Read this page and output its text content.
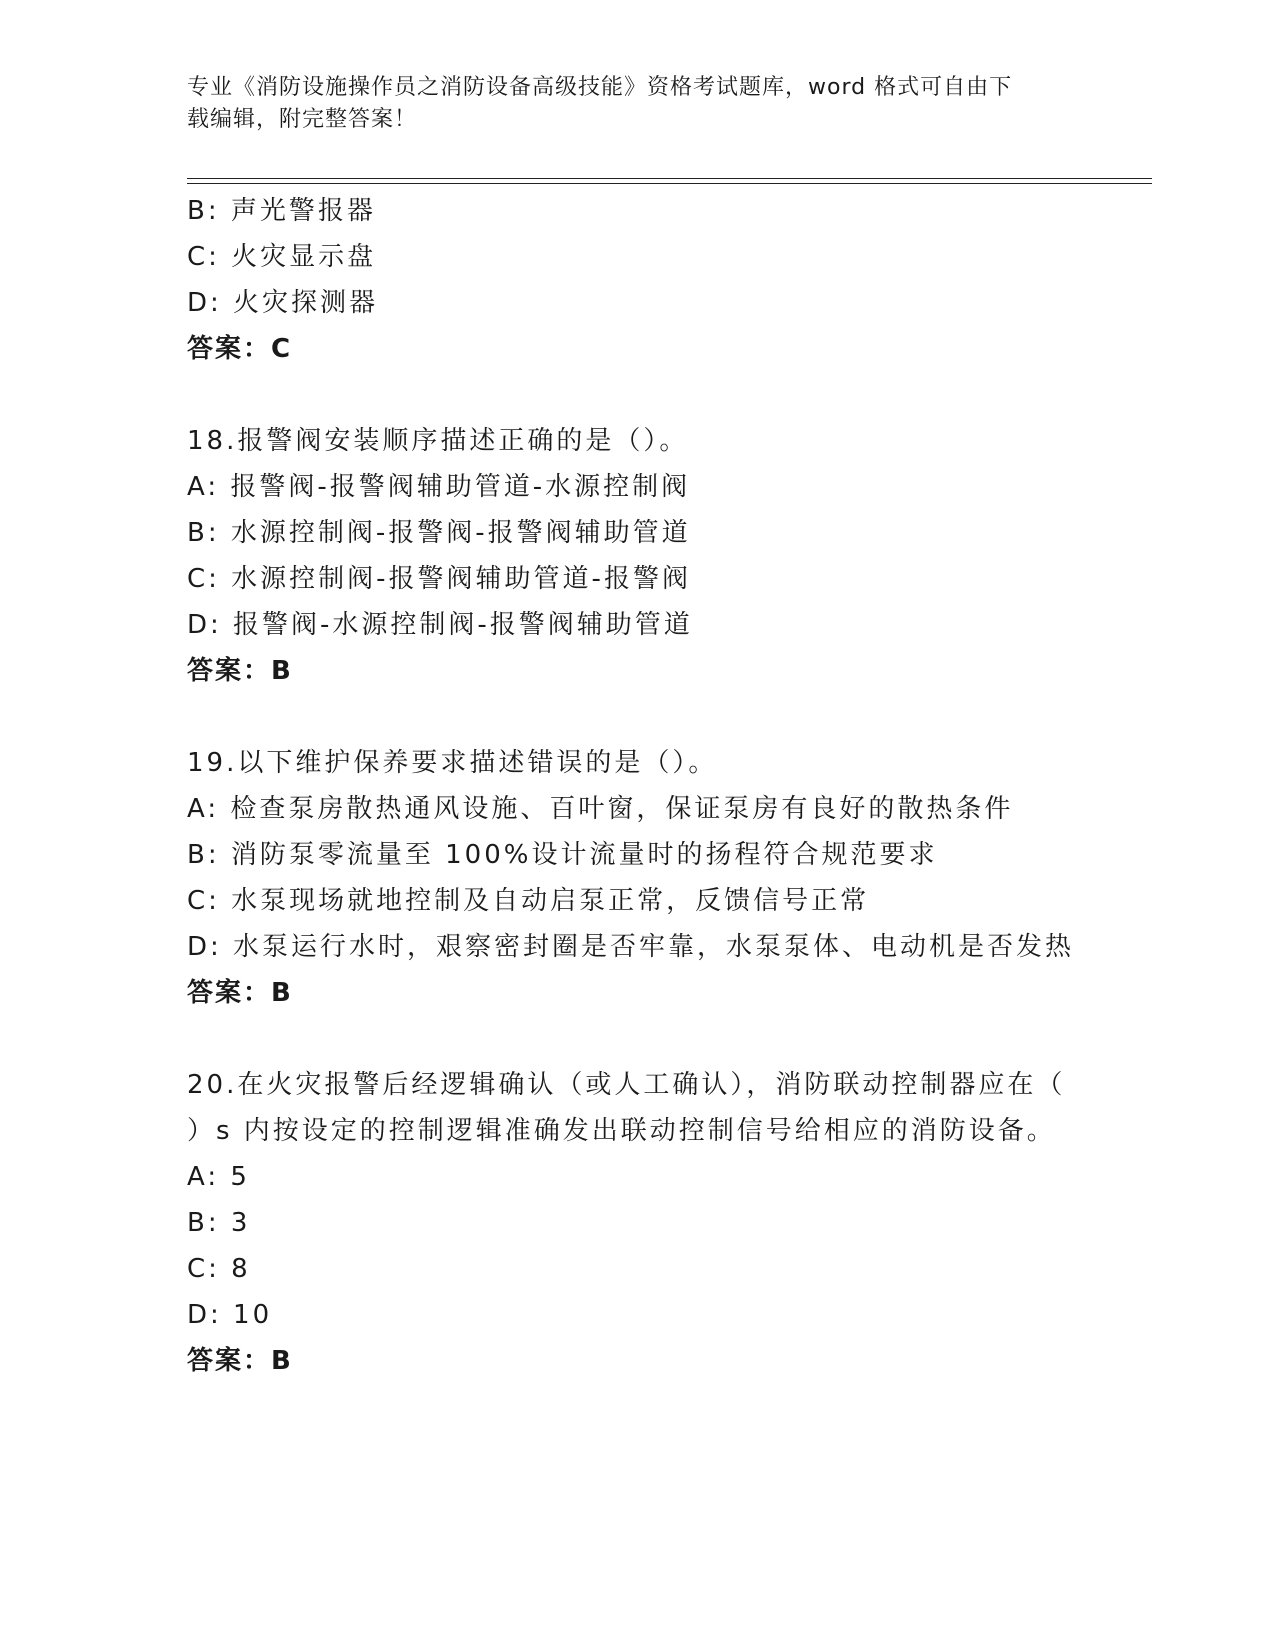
专业《消防设施操作员之消防设备高级技能》资格考试题库，word 格式可自由下
载编辑，附完整答案！
B: 声光警报器
C: 火灾显示盘
D: 火灾探测器
答案：C
18.报警阀安装顺序描述正确的是（）。
A: 报警阀-报警阀辅助管道-水源控制阀
B: 水源控制阀-报警阀-报警阀辅助管道
C: 水源控制阀-报警阀辅助管道-报警阀
D: 报警阀-水源控制阀-报警阀辅助管道
答案：B
19.以下维护保养要求描述错误的是（）。
A: 检查泵房散热通风设施、百叶窗，保证泵房有良好的散热条件
B: 消防泵零流量至 100%设计流量时的扬程符合规范要求
C: 水泵现场就地控制及自动启泵正常，反馈信号正常
D: 水泵运行水时，艰察密封圈是否牢靠，水泵泵体、电动机是否发热
答案：B
20.在火灾报警后经逻辑确认（或人工确认），消防联动控制器应在（
）s 内按设定的控制逻辑准确发出联动控制信号给相应的消防设备。
A: 5
B: 3
C: 8
D: 10
答案：B
